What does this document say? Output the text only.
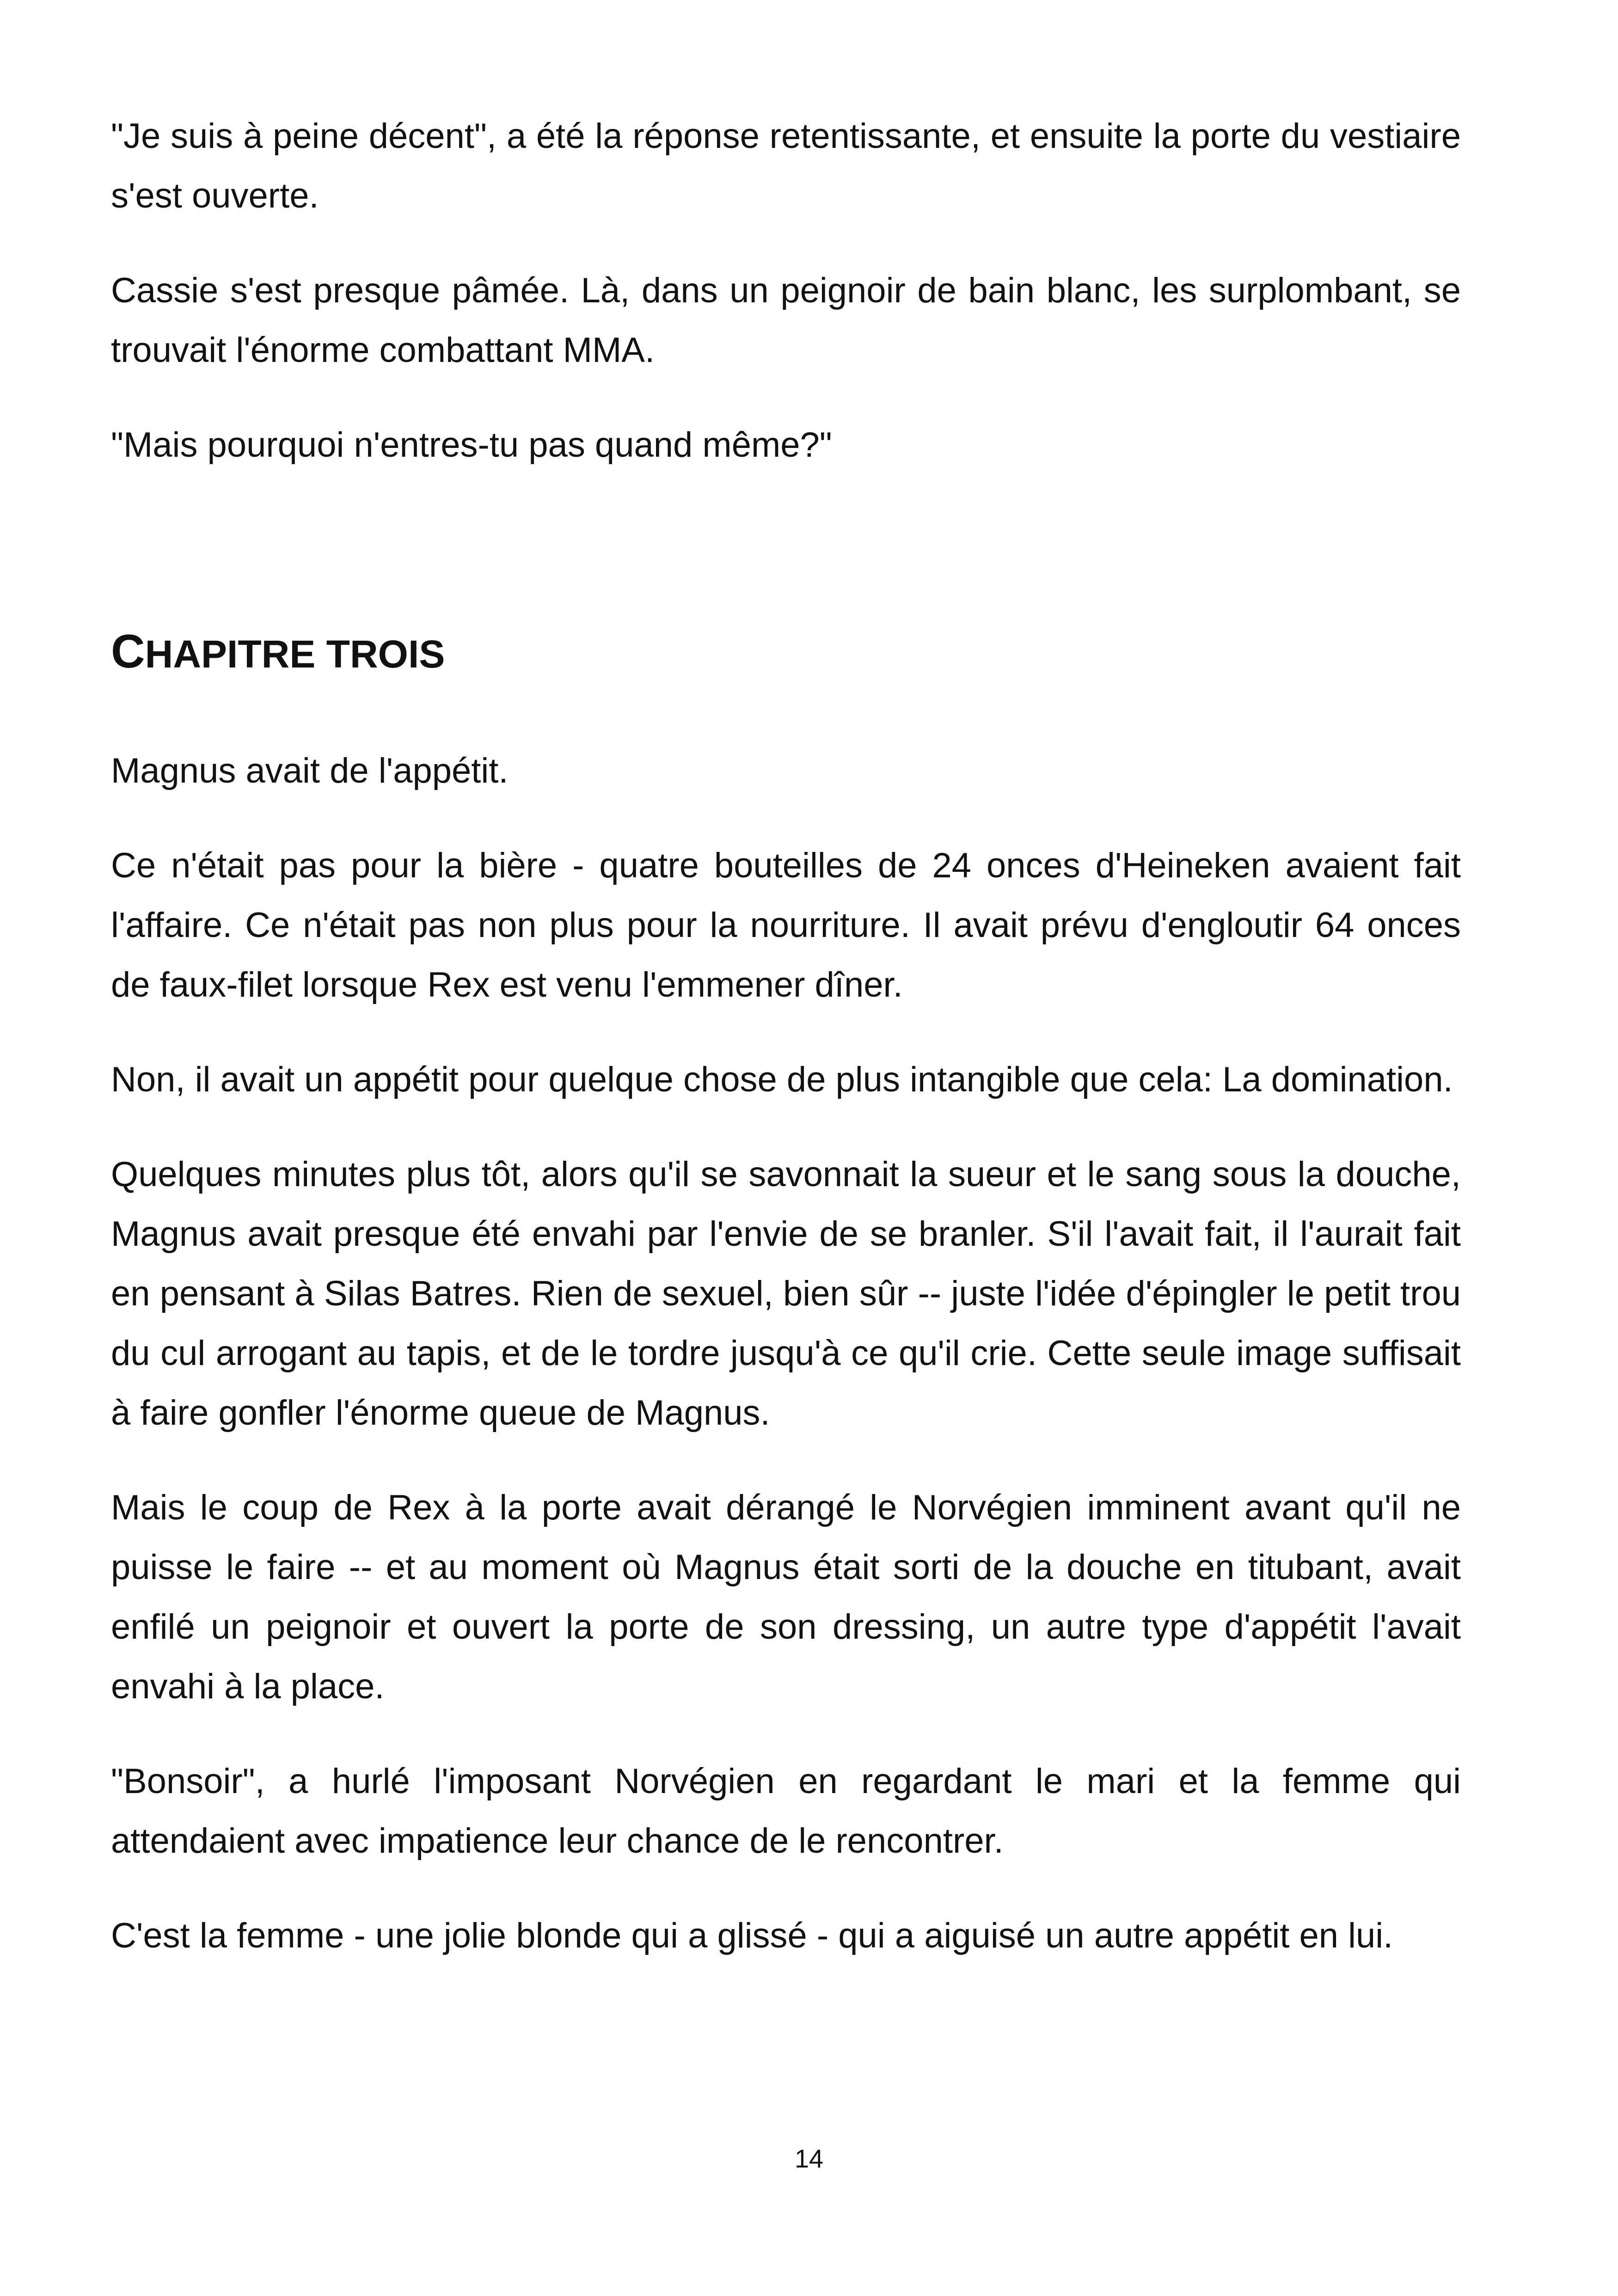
"Je suis à peine décent", a été la réponse retentissante, et ensuite la porte du vestiaire s'est ouverte.

Cassie s'est presque pâmée. Là, dans un peignoir de bain blanc, les surplombant, se trouvait l'énorme combattant MMA.

"Mais pourquoi n'entres-tu pas quand même?"

CHAPITRE TROIS

Magnus avait de l'appétit.

Ce n'était pas pour la bière - quatre bouteilles de 24 onces d'Heineken avaient fait l'affaire. Ce n'était pas non plus pour la nourriture. Il avait prévu d'engloutir 64 onces de faux-filet lorsque Rex est venu l'emmener dîner.

Non, il avait un appétit pour quelque chose de plus intangible que cela: La domination.

Quelques minutes plus tôt, alors qu'il se savonnait la sueur et le sang sous la douche, Magnus avait presque été envahi par l'envie de se branler. S'il l'avait fait, il l'aurait fait en pensant à Silas Batres. Rien de sexuel, bien sûr -- juste l'idée d'épingler le petit trou du cul arrogant au tapis, et de le tordre jusqu'à ce qu'il crie. Cette seule image suffisait à faire gonfler l'énorme queue de Magnus.

Mais le coup de Rex à la porte avait dérangé le Norvégien imminent avant qu'il ne puisse le faire -- et au moment où Magnus était sorti de la douche en titubant, avait enfilé un peignoir et ouvert la porte de son dressing, un autre type d'appétit l'avait envahi à la place.

"Bonsoir", a hurlé l'imposant Norvégien en regardant le mari et la femme qui attendaient avec impatience leur chance de le rencontrer.

C'est la femme - une jolie blonde qui a glissé - qui a aiguisé un autre appétit en lui.

14
